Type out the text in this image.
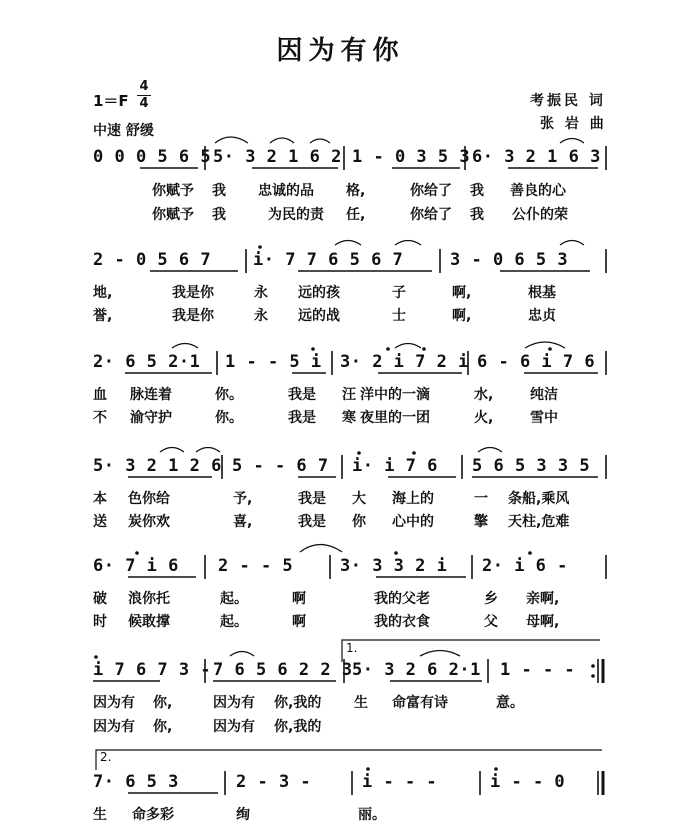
因为有你
1＝F
4
4
中速 舒缓
考振民 词
张 岩 曲
0 0 0 5 6 5 5· 3 2 1 6 2 1 - 0 3 5 3 6· 3 2 1 6 3
你赋予 我 忠诚的品 格,	你给了 我 善良的心
你赋予 我	为民的责 任,	你给了 我 公仆的荣
2 - 0 5 6 7 i· 7 7 6 5 6 7	3 - 0 6 5 3
地,	我是你	永 远的孩	子	啊,	根基
誉,	我是你	永 远的战	士	啊,	忠贞
2· 6 5 2·1 1 - - 5 i 3· 2 i 7 2 i 6 - 6 i 7 6
血 脉连着	你。	我是 汪 洋中的一滴	水,	纯洁
不 渝守护	你。	我是 寒 夜里的一团	火,	雪中
5· 3 2 1 2 6 5 - - 6 7 i· i 7 6 5 6 5 3 3 5
本 色你给	予,	我是 大 海上的	一 条船,乘风
送 炭你欢	喜,	我是 你 心中的	擎 天柱,危难
6· 7 i 6 2 - - 5	3· 3 3 2 i 2· i 6 -
破 浪你托	起。	啊	我的父老	乡 亲啊,
时 候敢撑	起。	啊	我的衣食	父 母啊,
1.
i 7 6 7 3 - 7 6 5 6 2 2 3 5· 3 2 6 2·1 1 - - -
因为有 你,	因为有 你,我的 生 命富有诗	意。
因为有 你,	因为有 你,我的
2.
7· 6 5 3	2 - 3 -	i - - -	i - - 0
生 命多彩	绚	丽。
